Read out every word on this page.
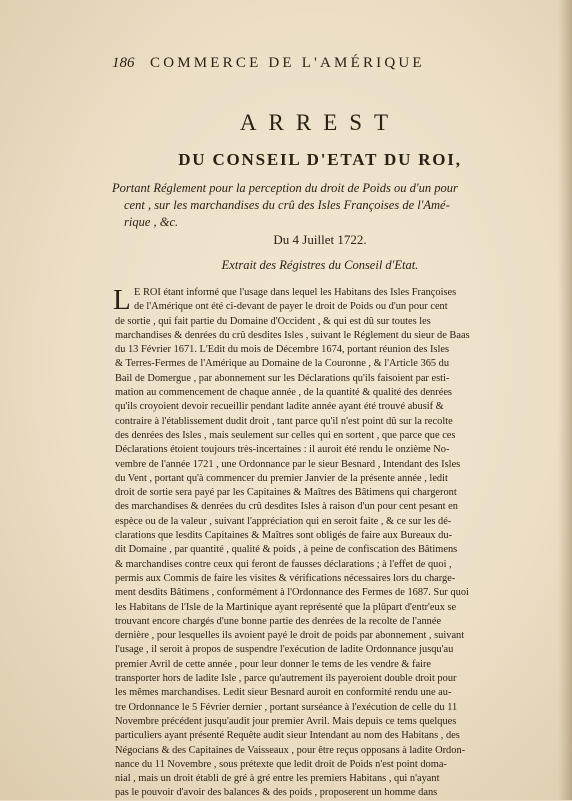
186 COMMERCE DE L'AMÉRIQUE
ARREST
DU CONSEIL D'ETAT DU ROI,
Portant Réglement pour la perception du droit de Poids ou d'un pour
cent , sur les marchandises du crû des Isles Françoises de l'Amé-
rique , &c.
Du 4 Juillet 1722.
Extrait des Régistres du Conseil d'Etat.
L E ROI étant informé que l'usage dans lequel les Habitans des Isles Françoises
de l'Amérique ont été ci-devant de payer le droit de Poids ou d'un pour cent
de sortie , qui fait partie du Domaine d'Occident , & qui est dû sur toutes les
marchandises & denrées du crû desdites Isles , suivant le Réglement du sieur de Baas
du 13 Février 1671. L'Edit du mois de Décembre 1674, portant réunion des Isles
& Terres-Fermes de l'Amérique au Domaine de la Couronne , & l'Article 365 du
Bail de Domergue , par abonnement sur les Déclarations qu'ils faisoient par esti-
mation au commencement de chaque année , de la quantité & qualité des denrées
qu'ils croyoient devoir recueillir pendant ladite année ayant été trouvé abusif &
contraire à l'établissement dudit droit , tant parce qu'il n'est point dû sur la recolte
des denrées des Isles , mais seulement sur celles qui en sortent , que parce que ces
Déclarations étoient toujours très-incertaines : il auroit été rendu le onzième No-
vembre de l'année 1721 , une Ordonnance par le sieur Besnard , Intendant des Isles
du Vent , portant qu'à commencer du premier Janvier de la présente année , ledit
droit de sortie sera payé par les Capitaines & Maîtres des Bâtimens qui chargeront
des marchandises & denrées du crû desdites Isles à raison d'un pour cent pesant en
espèce ou de la valeur , suivant l'appréciation qui en seroit faite , & ce sur les dé-
clarations que lesdits Capitaines & Maîtres sont obligés de faire aux Bureaux du-
dit Domaine , par quantité , qualité & poids , à peine de confiscation des Bâtimens
& marchandises contre ceux qui feront de fausses déclarations ; à l'effet de quoi ,
permis aux Commis de faire les visites & vérifications nécessaires lors du charge-
ment desdits Bâtimens , conformément à l'Ordonnance des Fermes de 1687. Sur quoi
les Habitans de l'Isle de la Martinique ayant représenté que la plûpart d'entr'eux se
trouvant encore chargés d'une bonne partie des denrées de la recolte de l'année
dernière , pour lesquelles ils avoient payé le droit de poids par abonnement , suivant
l'usage , il seroit à propos de suspendre l'exécution de ladite Ordonnance jusqu'au
premier Avril de cette année , pour leur donner le tems de les vendre & faire
transporter hors de ladite Isle , parce qu'autrement ils payeroient double droit pour
les mêmes marchandises. Ledit sieur Besnard auroit en conformité rendu une au-
tre Ordonnance le 5 Février dernier , portant surséance à l'exécution de celle du 11
Novembre précédent jusqu'audit jour premier Avril. Mais depuis ce tems quelques
particuliers ayant présenté Requête audit sieur Intendant au nom des Habitans , des
Négocians & des Capitaines de Vaisseaux , pour être reçus opposans à ladite Ordon-
nance du 11 Novembre , sous prétexte que ledit droit de Poids n'est point doma-
nial , mais un droit établi de gré à gré entre les premiers Habitans , qui n'ayant
pas le pouvoir d'avoir des balances & des poids , proposerent un homme dans
